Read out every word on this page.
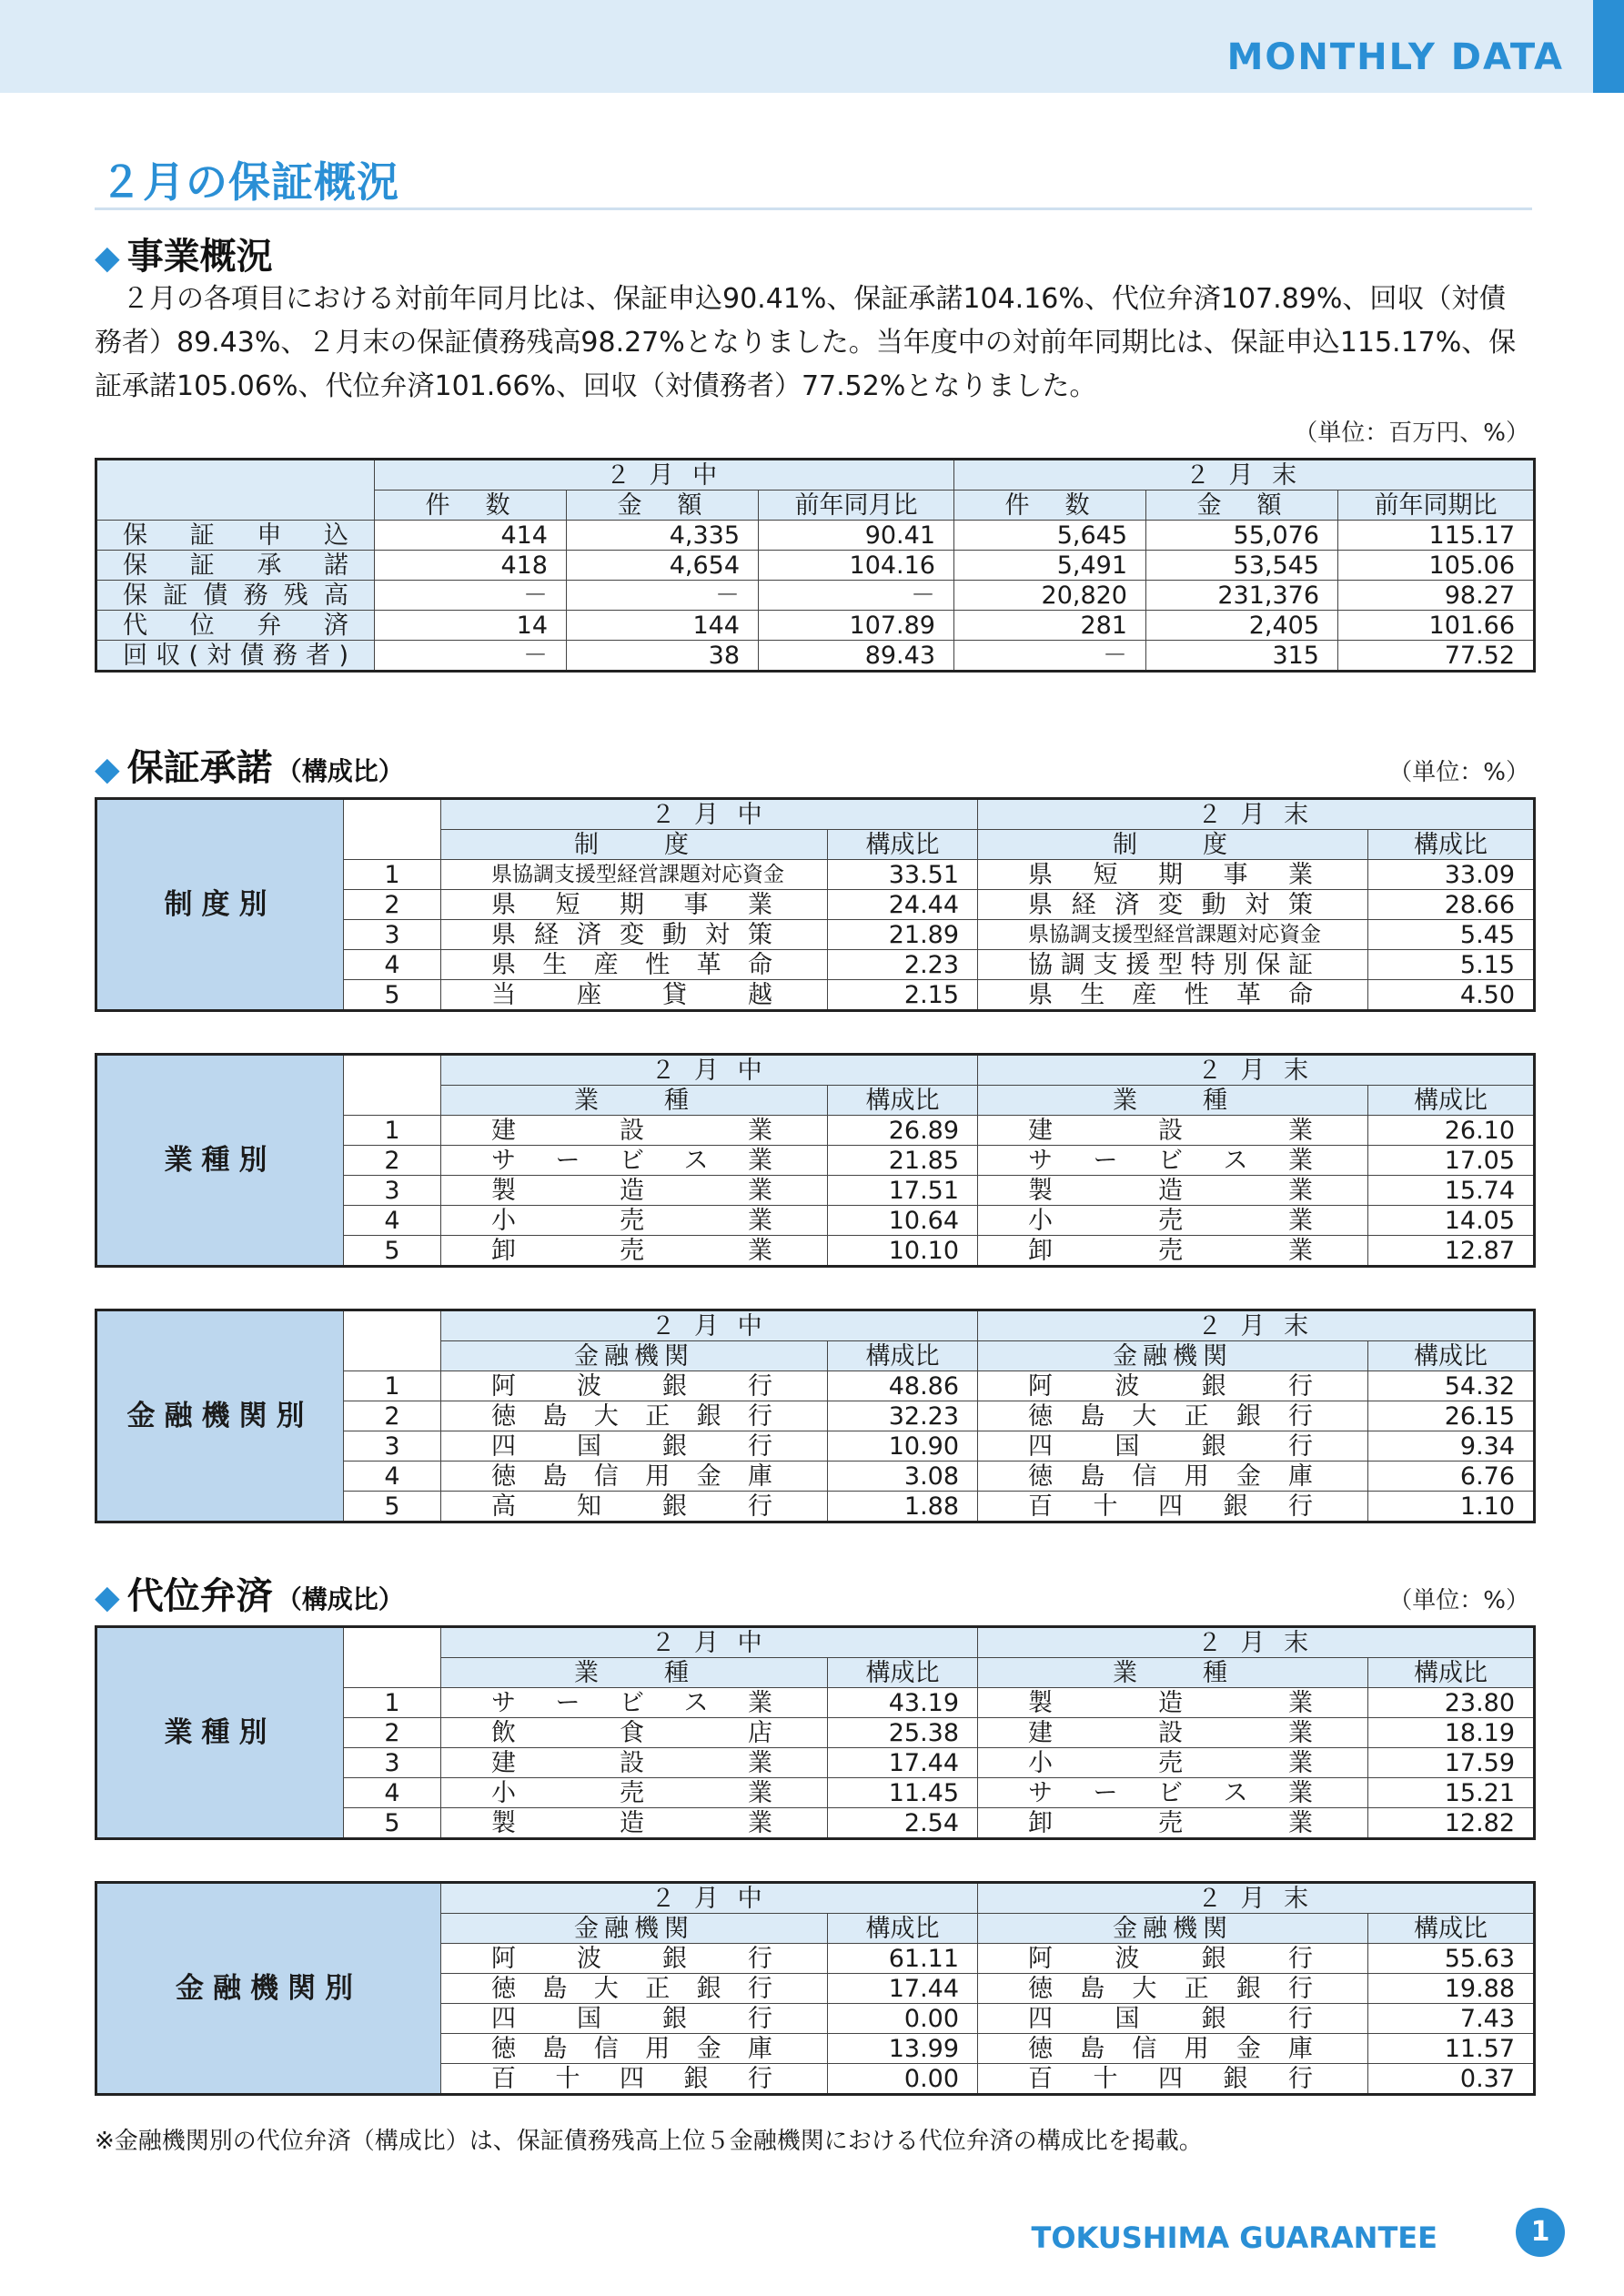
MONTHLY DATA
２月の保証概況
◆ 事業概況
２月の各項目における対前年同月比は、保証申込90.41%、保証承諾104.16%、代位弁済107.89%、回収（対債務者）89.43%、２月末の保証債務残高98.27%となりました。当年度中の対前年同期比は、保証申込115.17%、保証承諾105.06%、代位弁済101.66%、回収（対債務者）77.52%となりました。
（単位：百万円、%）
	２ 月 中			２ 月 末		
	件　数	金　額	前年同月比	件　数	金　額	前年同期比
保証申込	414	4,335	90.41	5,645	55,076	115.17
保証承諾	418	4,654	104.16	5,491	53,545	105.06
保証債務残高	－	－	－	20,820	231,376	98.27
代位弁済	14	144	107.89	281	2,405	101.66
回収(対債務者)	－	38	89.43	－	315	77.52
◆ 保証承諾 （構成比）	（単位：%）
制度別		２ 月 中		２ 月 末	
		制　　度	構成比	制　　度	構成比
	1	県協調支援型経営課題対応資金	33.51	県短期事業	33.09
	2	県短期事業	24.44	県経済変動対策	28.66
	3	県経済変動対策	21.89	県協調支援型経営課題対応資金	5.45
	4	県生産性革命	2.23	協調支援型特別保証	5.15
	5	当座貸越	2.15	県生産性革命	4.50
業種別		２ 月 中		２ 月 末	
		業　　種	構成比	業　　種	構成比
	1	建設業	26.89	建設業	26.10
	2	サービス業	21.85	サービス業	17.05
	3	製造業	17.51	製造業	15.74
	4	小売業	10.64	小売業	14.05
	5	卸売業	10.10	卸売業	12.87
金融機関別		２ 月 中		２ 月 末	
		金融機関	構成比	金融機関	構成比
	1	阿波銀行	48.86	阿波銀行	54.32
	2	徳島大正銀行	32.23	徳島大正銀行	26.15
	3	四国銀行	10.90	四国銀行	9.34
	4	徳島信用金庫	3.08	徳島信用金庫	6.76
	5	高知銀行	1.88	百十四銀行	1.10
◆ 代位弁済 （構成比）	（単位：%）
業種別		２ 月 中		２ 月 末	
		業　　種	構成比	業　　種	構成比
	1	サービス業	43.19	製造業	23.80
	2	飲食店	25.38	建設業	18.19
	3	建設業	17.44	小売業	17.59
	4	小売業	11.45	サービス業	15.21
	5	製造業	2.54	卸売業	12.82
金融機関別	２ 月 中		２ 月 末	
	金融機関	構成比	金融機関	構成比
	阿波銀行	61.11	阿波銀行	55.63
	徳島大正銀行	17.44	徳島大正銀行	19.88
	四国銀行	0.00	四国銀行	7.43
	徳島信用金庫	13.99	徳島信用金庫	11.57
	百十四銀行	0.00	百十四銀行	0.37
※金融機関別の代位弁済（構成比）は、保証債務残高上位５金融機関における代位弁済の構成比を掲載。
TOKUSHIMA GUARANTEE	1
